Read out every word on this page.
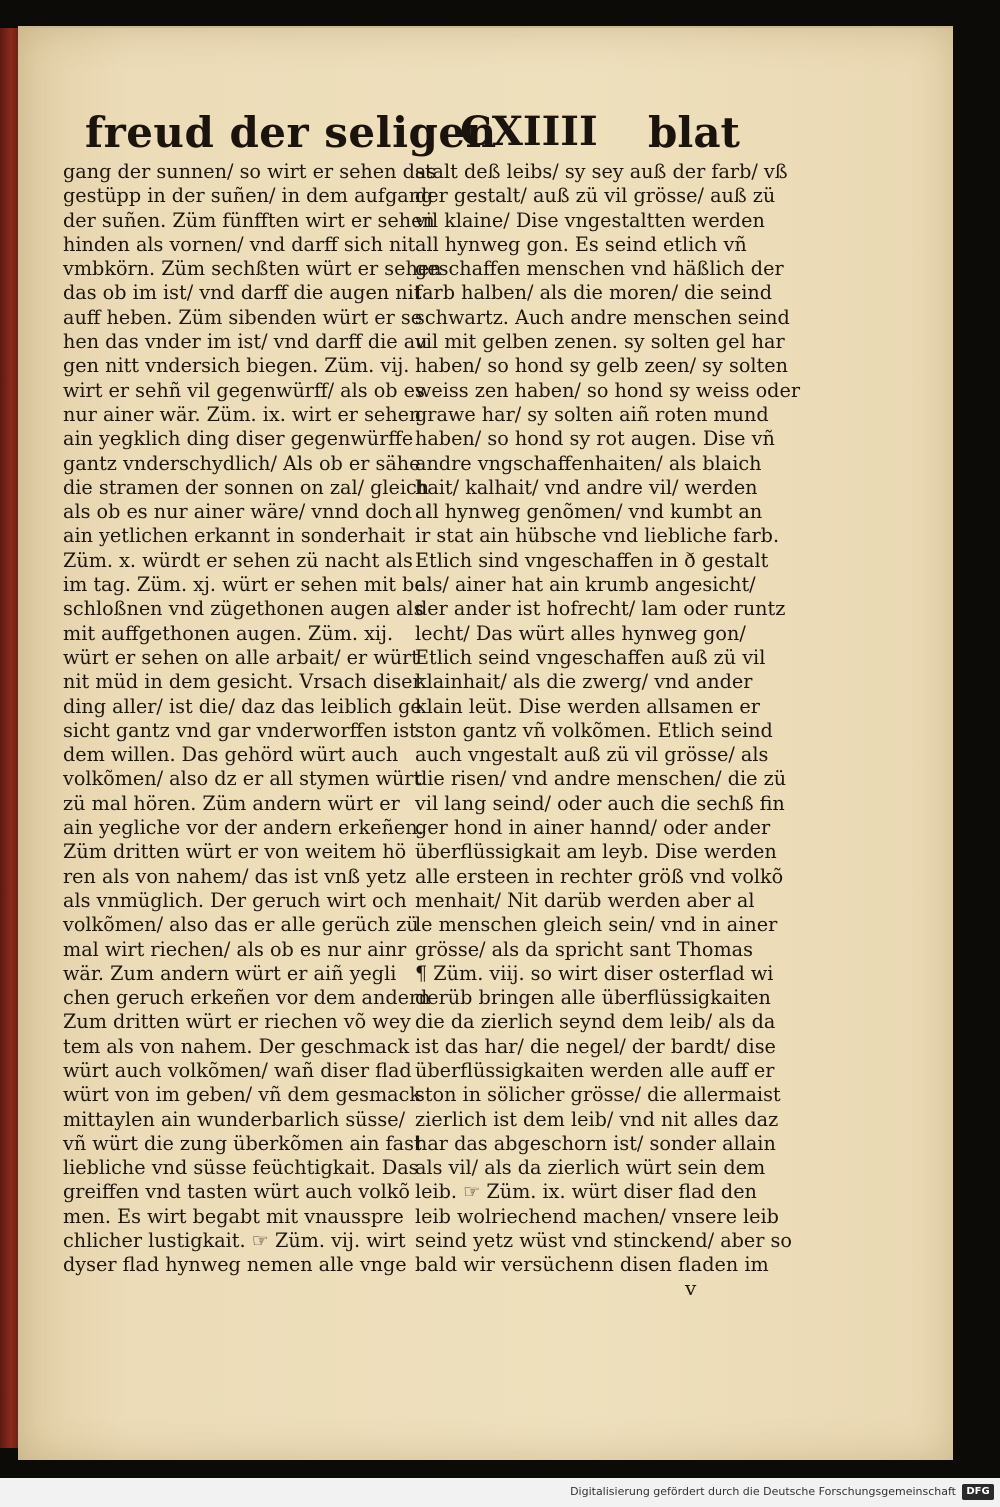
freud der seligen
CXIIII blat
gang der sunnen/ so wirt er sehen das
gestüpp in der suñen/ in dem aufgang
der suñen. Züm fünfften wirt er sehen
hinden als vornen/ vnd darff sich nit
vmbkörn. Züm sechßten würt er sehen
das ob im ist/ vnd darff die augen nit
auff heben. Züm sibenden würt er se
hen das vnder im ist/ vnd darff die au
gen nitt vndersich biegen. Züm. vij.
wirt er sehñ vil gegenwürff/ als ob es
nur ainer wär. Züm. ix. wirt er sehen
ain yegklich ding diser gegenwürffe
gantz vnderschydlich/ Als ob er sähe
die stramen der sonnen on zal/ gleich
als ob es nur ainer wäre/ vnnd doch
ain yetlichen erkannt in sonderhait
Züm. x. würdt er sehen zü nacht als
im tag. Züm. xj. würt er sehen mit be
schloßnen vnd zügethonen augen als
mit auffgethonen augen. Züm. xij.
würt er sehen on alle arbait/ er würt
nit müd in dem gesicht. Vrsach diser
ding aller/ ist die/ daz das leiblich ge
sicht gantz vnd gar vnderworffen ist
dem willen. Das gehörd würt auch
volkõmen/ also dz er all stymen würt
zü mal hören. Züm andern würt er
ain yegliche vor der andern erkeñen.
Züm dritten würt er von weitem hö
ren als von nahem/ das ist vnß yetz
als vnmüglich. Der geruch wirt och
volkõmen/ also das er alle gerüch zü
mal wirt riechen/ als ob es nur ainr
wär. Zum andern würt er aiñ yegli
chen geruch erkeñen vor dem andern
Zum dritten würt er riechen võ wey
tem als von nahem. Der geschmack
würt auch volkõmen/ wañ diser flad
würt von im geben/ vñ dem gesmack
mittaylen ain wunderbarlich süsse/
vñ würt die zung überkõmen ain fast
liebliche vnd süsse feüchtigkait. Das
greiffen vnd tasten würt auch volkõ
men. Es wirt begabt mit vnausspre
chlicher lustigkait. ☞ Züm. vij. wirt
dyser flad hynweg nemen alle vnge
stalt deß leibs/ sy sey auß der farb/ vß
der gestalt/ auß zü vil grösse/ auß zü
vil klaine/ Dise vngestaltten werden
all hynweg gon. Es seind etlich vñ
geschaffen menschen vnd häßlich der
farb halben/ als die moren/ die seind
schwartz. Auch andre menschen seind
vil mit gelben zenen. sy solten gel har
haben/ so hond sy gelb zeen/ sy solten
weiss zen haben/ so hond sy weiss oder
grawe har/ sy solten aiñ roten mund
haben/ so hond sy rot augen. Dise vñ
andre vngschaffenhaiten/ als blaich
hait/ kalhait/ vnd andre vil/ werden
all hynweg genõmen/ vnd kumbt an
ir stat ain hübsche vnd liebliche farb.
Etlich sind vngeschaffen in ð gestalt
als/ ainer hat ain krumb angesicht/
der ander ist hofrecht/ lam oder runtz
lecht/ Das würt alles hynweg gon/
Etlich seind vngeschaffen auß zü vil
klainhait/ als die zwerg/ vnd ander
klain leüt. Dise werden allsamen er
ston gantz vñ volkõmen. Etlich seind
auch vngestalt auß zü vil grösse/ als
die risen/ vnd andre menschen/ die zü
vil lang seind/ oder auch die sechß fin
ger hond in ainer hannd/ oder ander
überflüssigkait am leyb. Dise werden
alle ersteen in rechter größ vnd volkõ
menhait/ Nit darüb werden aber al
le menschen gleich sein/ vnd in ainer
grösse/ als da spricht sant Thomas
¶ Züm. viij. so wirt diser osterflad wi
derüb bringen alle überflüssigkaiten
die da zierlich seynd dem leib/ als da
ist das har/ die negel/ der bardt/ dise
überflüssigkaiten werden alle auff er
ston in sölicher grösse/ die allermaist
zierlich ist dem leib/ vnd nit alles daz
har das abgeschorn ist/ sonder allain
als vil/ als da zierlich würt sein dem
leib. ☞ Züm. ix. würt diser flad den
leib wolriechend machen/ vnsere leib
seind yetz wüst vnd stinckend/ aber so
bald wir versüchenn disen fladen im
v
Digitalisierung gefördert durch die Deutsche Forschungsgemeinschaft	DFG
